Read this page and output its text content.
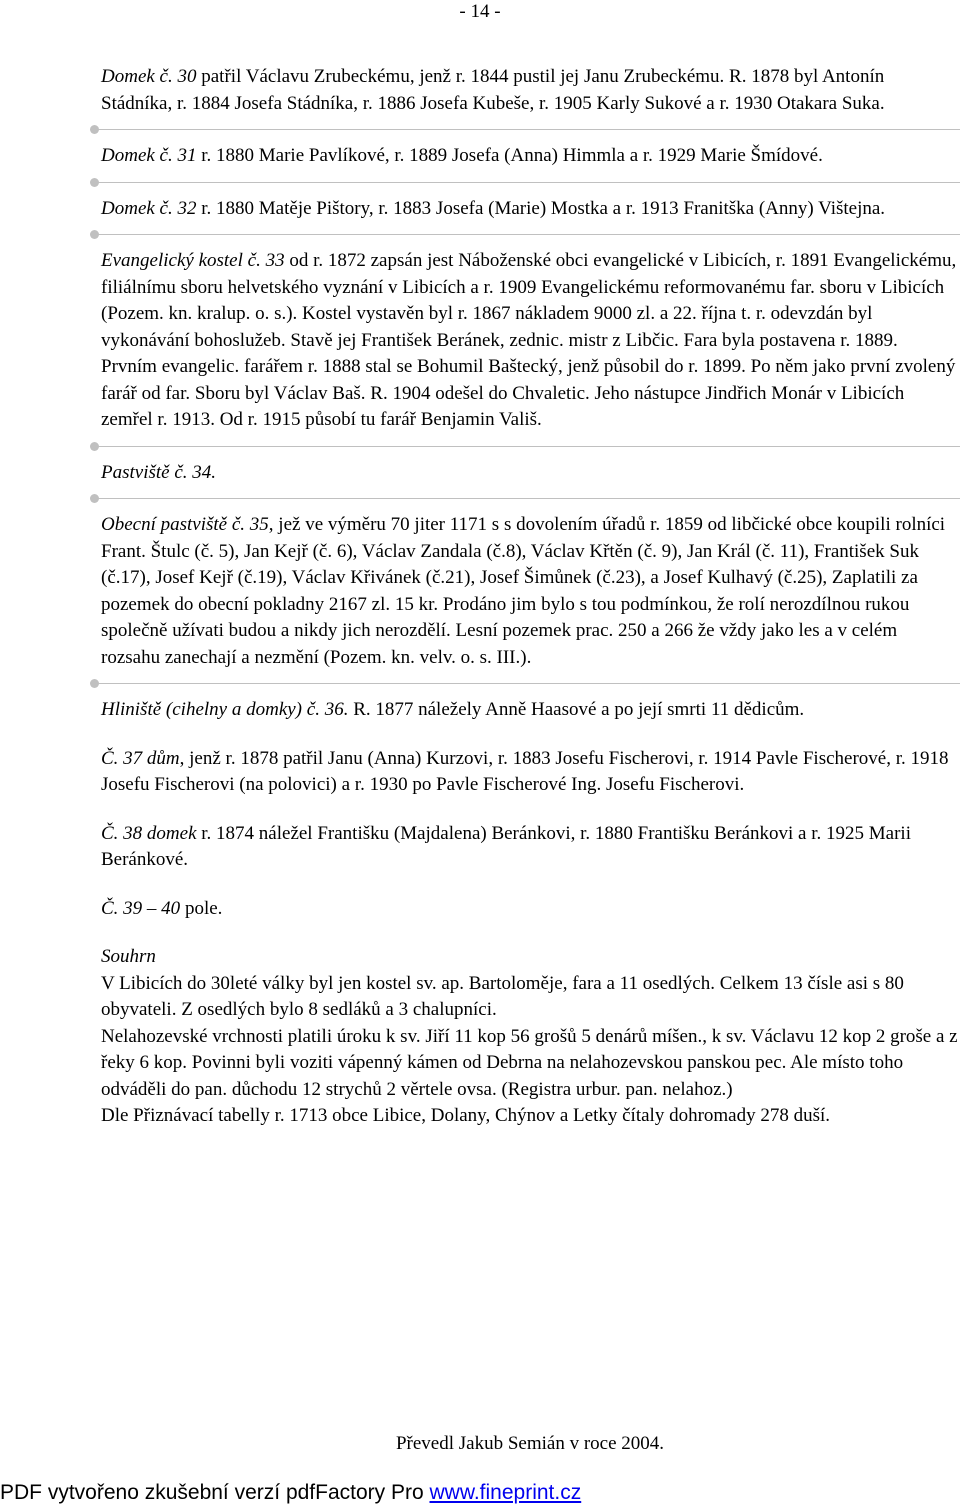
- 14 -

Domek č. 30 patřil Václavu Zrubeckému, jenž r. 1844 pustil jej Janu Zrubeckému. R. 1878 byl Antonín Stádníka, r. 1884 Josefa Stádníka, r. 1886 Josefa Kubeše, r. 1905 Karly Sukové a r. 1930 Otakara Suka.

Domek č. 31 r. 1880 Marie Pavlíkové, r. 1889 Josefa (Anna) Himmla a r. 1929 Marie Šmídové.

Domek č. 32 r. 1880 Matěje Pištory, r. 1883 Josefa (Marie) Mostka a r. 1913 Franitška (Anny) Vištejna.

Evangelický kostel č. 33 od r. 1872 zapsán jest Náboženské obci evangelické v Libicích, r. 1891 Evangelickému, filiálnímu sboru helvetského vyznání v Libicích a r. 1909 Evangelickému reformovanému far. sboru v Libicích (Pozem. kn. kralup. o. s.). Kostel vystavěn byl r. 1867 nákladem 9000 zl. a 22. října t. r. odevzdán byl vykonávání bohoslužeb. Stavě jej František Beránek, zednic. mistr z Libčic. Fara byla postavena r. 1889. Prvním evangelic. farářem r. 1888 stal se Bohumil Baštecký, jenž působil do r. 1899. Po něm jako první zvolený farář od far. Sboru byl Václav Baš. R. 1904 odešel do Chvaletic. Jeho nástupce Jindřich Monár v Libicích zemřel r. 1913. Od r. 1915 působí tu farář Benjamin Vališ.

Pastviště č. 34.

Obecní pastviště č. 35, jež ve výměru 70 jiter 1171 s s dovolením úřadů r. 1859 od libčické obce koupili rolníci Frant. Štulc (č. 5), Jan Kejř (č. 6), Václav Zandala (č.8), Václav Křtěn (č. 9), Jan Král (č. 11), František Suk (č.17), Josef Kejř (č.19), Václav Křivánek (č.21), Josef Šimůnek (č.23), a Josef Kulhavý (č.25), Zaplatili za pozemek do obecní pokladny 2167 zl. 15 kr. Prodáno jim bylo s tou podmínkou, že rolí nerozdílnou rukou společně užívati budou a nikdy jich nerozdělí. Lesní pozemek prac. 250 a 266 že vždy jako les a v celém rozsahu zanechají a nezmění (Pozem. kn. velv. o. s. III.).

Hliniště (cihelny a domky) č. 36. R. 1877 náležely Anně Haasové a po její smrti 11 dědicům.

Č. 37 dům, jenž r. 1878 patřil Janu (Anna) Kurzovi, r. 1883 Josefu Fischerovi, r. 1914 Pavle Fischerové, r. 1918 Josefu Fischerovi (na polovici) a r. 1930 po Pavle Fischerové Ing. Josefu Fischerovi.

Č. 38 domek r. 1874 náležel Františku (Majdalena) Beránkovi, r. 1880 Františku Beránkovi a r. 1925 Marii Beránkové.

Č. 39 – 40 pole.

Souhrn

V Libicích do 30leté války byl jen kostel sv. ap. Bartoloměje, fara a 11 osedlých. Celkem 13 čísle asi s 80 obyvateli. Z osedlých bylo 8 sedláků a 3 chalupníci.

Nelahozevské vrchnosti platili úroku k sv. Jiří 11 kop 56 grošů 5 denárů míšen., k sv. Václavu 12 kop 2 groše a z řeky 6 kop. Povinni byli voziti vápenný kámen od Debrna na nelahozevskou panskou pec. Ale místo toho odváděli do pan. důchodu 12 strychů 2 věrtele ovsa. (Registra urbur. pan. nelahoz.)

Dle Přiznávací tabelly r. 1713 obce Libice, Dolany, Chýnov a Letky čítaly dohromady 278 duší.

Převedl Jakub Semián v roce 2004.
PDF vytvořeno zkušební verzí pdfFactory Pro www.fineprint.cz
